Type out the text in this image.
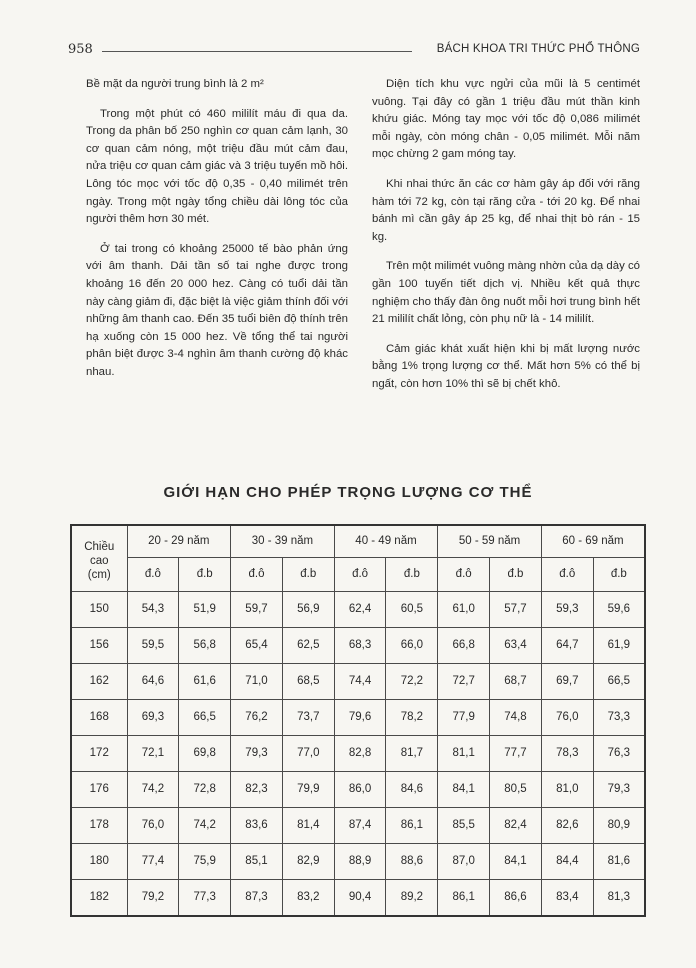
958	BÁCH KHOA TRI THỨC PHỔ THÔNG

Bề mặt da người trung bình là 2 m²

Trong một phút có 460 mililít máu đi qua da. Trong da phân bố 250 nghìn cơ quan cảm lạnh, 30 cơ quan cảm nóng, một triệu đầu mút cảm đau, nửa triệu cơ quan cảm giác và 3 triệu tuyến mồ hôi. Lông tóc mọc với tốc độ 0,35 - 0,40 milimét trên ngày. Trong một ngày tổng chiều dài lông tóc của người thêm hơn 30 mét.

Ở tai trong có khoảng 25000 tế bào phản ứng với âm thanh. Dải tần số tai nghe được trong khoảng 16 đến 20 000 hez. Càng có tuổi dải tần này càng giảm đi, đặc biệt là việc giảm thính đối với những âm thanh cao. Đến 35 tuổi biên độ thính trên hạ xuống còn 15 000 hez. Về tổng thể tai người phân biệt được 3-4 nghìn âm thanh cường độ khác nhau.

Diện tích khu vực ngửi của mũi là 5 centimét vuông. Tại đây có gần 1 triệu đầu mút thần kinh khứu giác. Móng tay mọc với tốc độ 0,086 milimét mỗi ngày, còn móng chân - 0,05 milimét. Mỗi năm mọc chừng 2 gam móng tay.

Khi nhai thức ăn các cơ hàm gây áp đối với răng hàm tới 72 kg, còn tại răng cửa - tới 20 kg. Để nhai bánh mì cần gây áp 25 kg, để nhai thịt bò rán - 15 kg.

Trên một milimét vuông màng nhờn của dạ dày có gần 100 tuyến tiết dịch vị. Nhiều kết quả thực nghiệm cho thấy đàn ông nuốt mỗi hơi trung bình hết 21 mililít chất lỏng, còn phụ nữ là - 14 mililít.

Cảm giác khát xuất hiện khi bị mất lượng nước bằng 1% trọng lượng cơ thể. Mất hơn 5% có thể bị ngất, còn hơn 10% thì sẽ bị chết khô.

GIỚI HẠN CHO PHÉP TRỌNG LƯỢNG CƠ THỂ
Chiều
cao
(cm)	20 - 29 năm		30 - 39 năm		40 - 49 năm		50 - 59 năm		60 - 69 năm	
	đ.ô	đ.b	đ.ô	đ.b	đ.ô	đ.b	đ.ô	đ.b	đ.ô	đ.b
150	54,3	51,9	59,7	56,9	62,4	60,5	61,0	57,7	59,3	59,6
156	59,5	56,8	65,4	62,5	68,3	66,0	66,8	63,4	64,7	61,9
162	64,6	61,6	71,0	68,5	74,4	72,2	72,7	68,7	69,7	66,5
168	69,3	66,5	76,2	73,7	79,6	78,2	77,9	74,8	76,0	73,3
172	72,1	69,8	79,3	77,0	82,8	81,7	81,1	77,7	78,3	76,3
176	74,2	72,8	82,3	79,9	86,0	84,6	84,1	80,5	81,0	79,3
178	76,0	74,2	83,6	81,4	87,4	86,1	85,5	82,4	82,6	80,9
180	77,4	75,9	85,1	82,9	88,9	88,6	87,0	84,1	84,4	81,6
182	79,2	77,3	87,3	83,2	90,4	89,2	86,1	86,6	83,4	81,3
